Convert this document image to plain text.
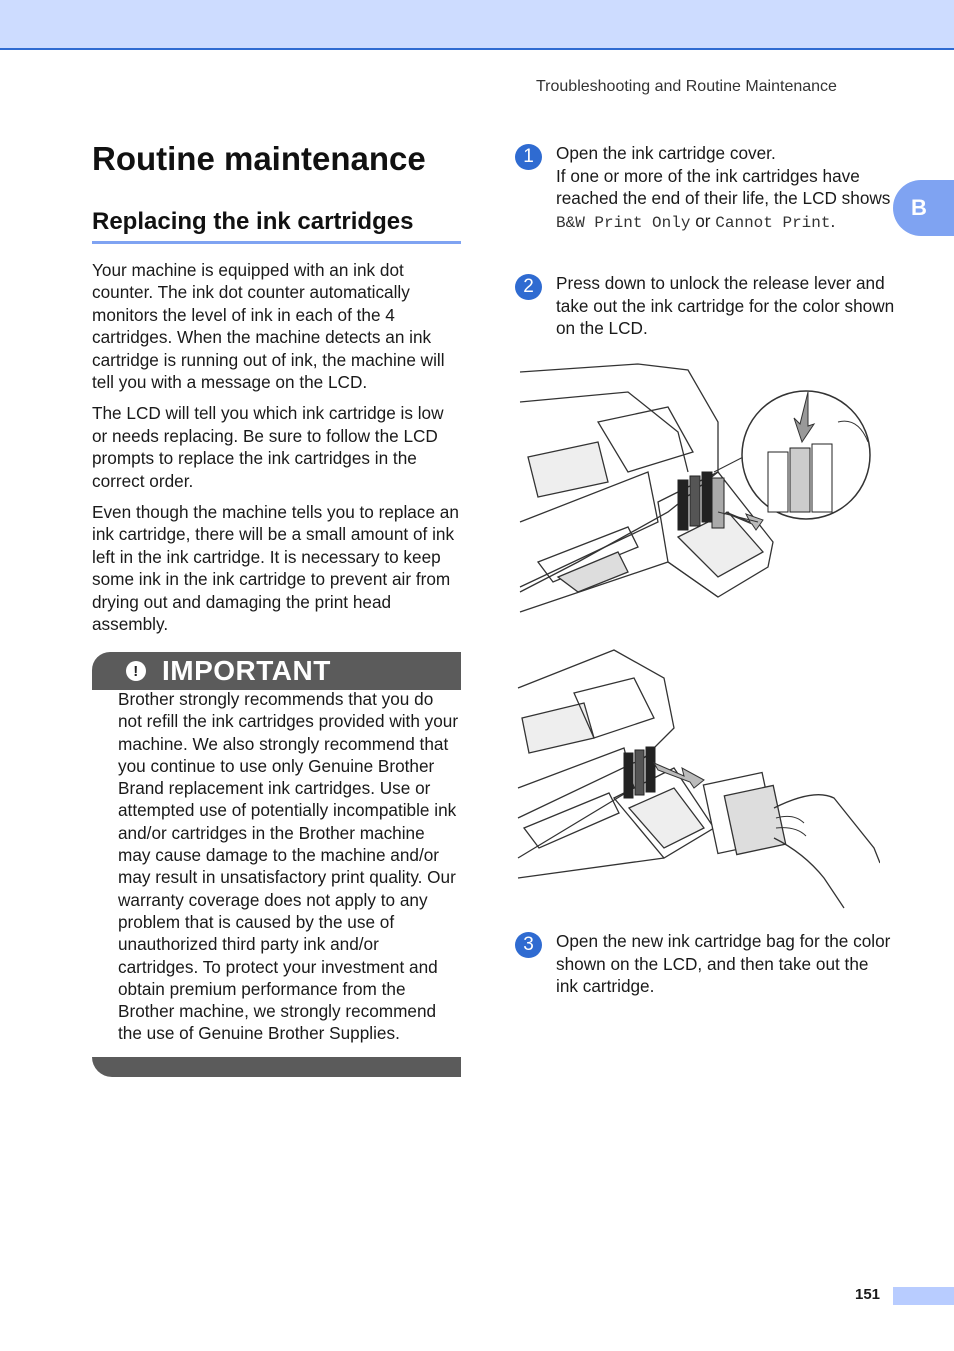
Troubleshooting and Routine Maintenance
B
Routine maintenance
Replacing the ink cartridges

Your machine is equipped with an ink dot counter. The ink dot counter automatically monitors the level of ink in each of the 4 cartridges. When the machine detects an ink cartridge is running out of ink, the machine will tell you with a message on the LCD.

The LCD will tell you which ink cartridge is low or needs replacing. Be sure to follow the LCD prompts to replace the ink cartridges in the correct order.

Even though the machine tells you to replace an ink cartridge, there will be a small amount of ink left in the ink cartridge. It is necessary to keep some ink in the ink cartridge to prevent air from drying out and damaging the print head assembly.

! IMPORTANT
Brother strongly recommends that you do not refill the ink cartridges provided with your machine. We also strongly recommend that you continue to use only Genuine Brother Brand replacement ink cartridges. Use or attempted use of potentially incompatible ink and/or cartridges in the Brother machine may cause damage to the machine and/or may result in unsatisfactory print quality. Our warranty coverage does not apply to any problem that is caused by the use of unauthorized third party ink and/or cartridges. To protect your investment and obtain premium performance from the Brother machine, we strongly recommend the use of Genuine Brother Supplies.
1	Open the ink cartridge cover.
If one or more of the ink cartridges have reached the end of their life, the LCD shows B&W Print Only or Cannot Print.
2	Press down to unlock the release lever and take out the ink cartridge for the color shown on the LCD.
3	Open the new ink cartridge bag for the color shown on the LCD, and then take out the ink cartridge.
151
